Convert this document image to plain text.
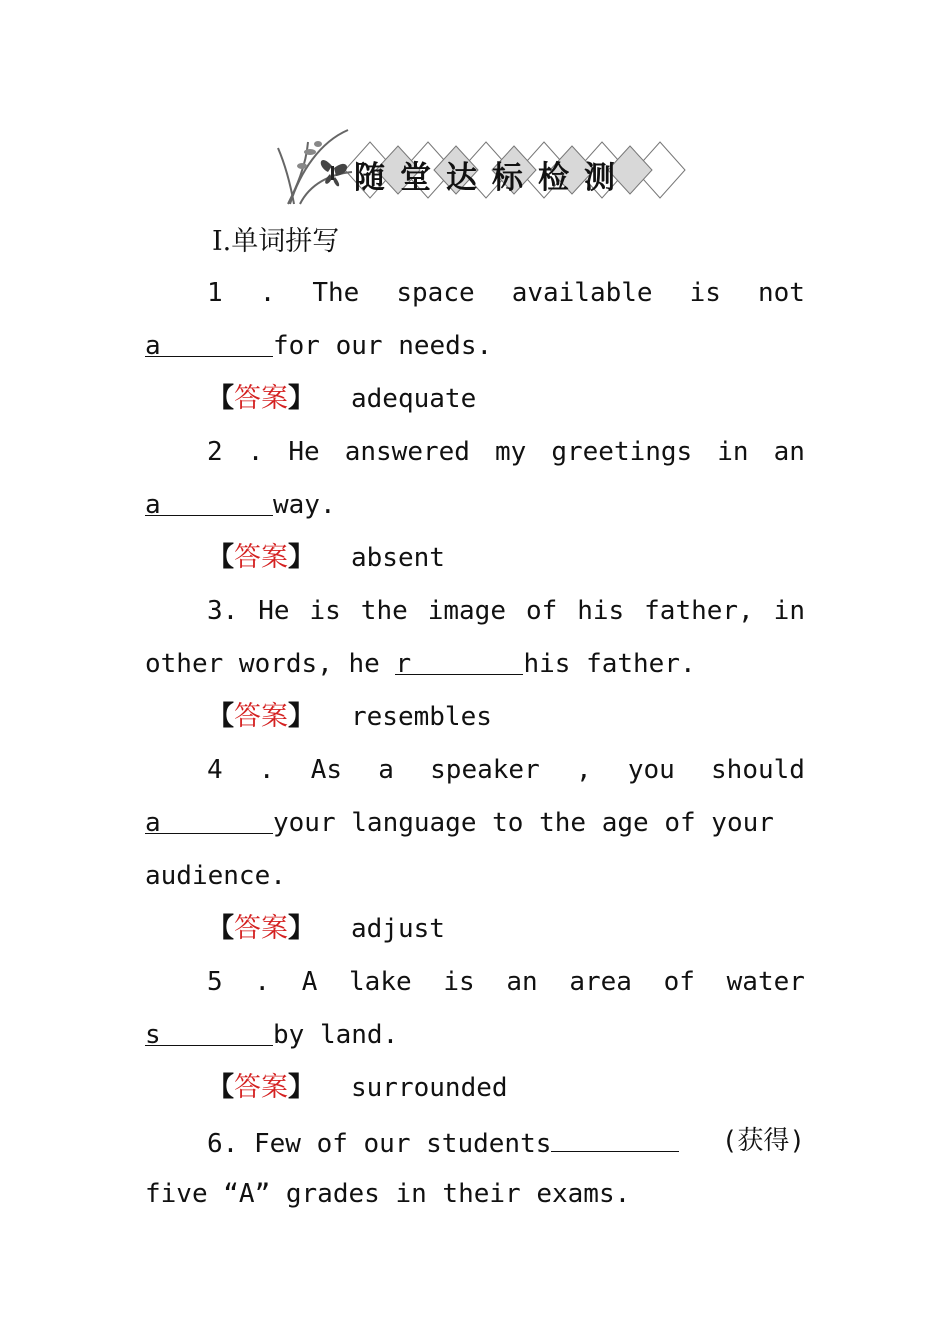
随堂达标检测
Ⅰ.单词拼写
1 . The space available is not
a	for our needs.
【答案】 adequate
2 . He answered my greetings in an
a	way.
【答案】 absent
3. He is the image of his father, in
other words, he r	his father.
【答案】 resembles
4 . As a speaker , you should
a	your language to the age of your
audience.
【答案】 adjust
5 . A lake is an area of water
s	by land.
【答案】 surrounded
6. Few of our students	(获得)
five “A” grades in their exams.
